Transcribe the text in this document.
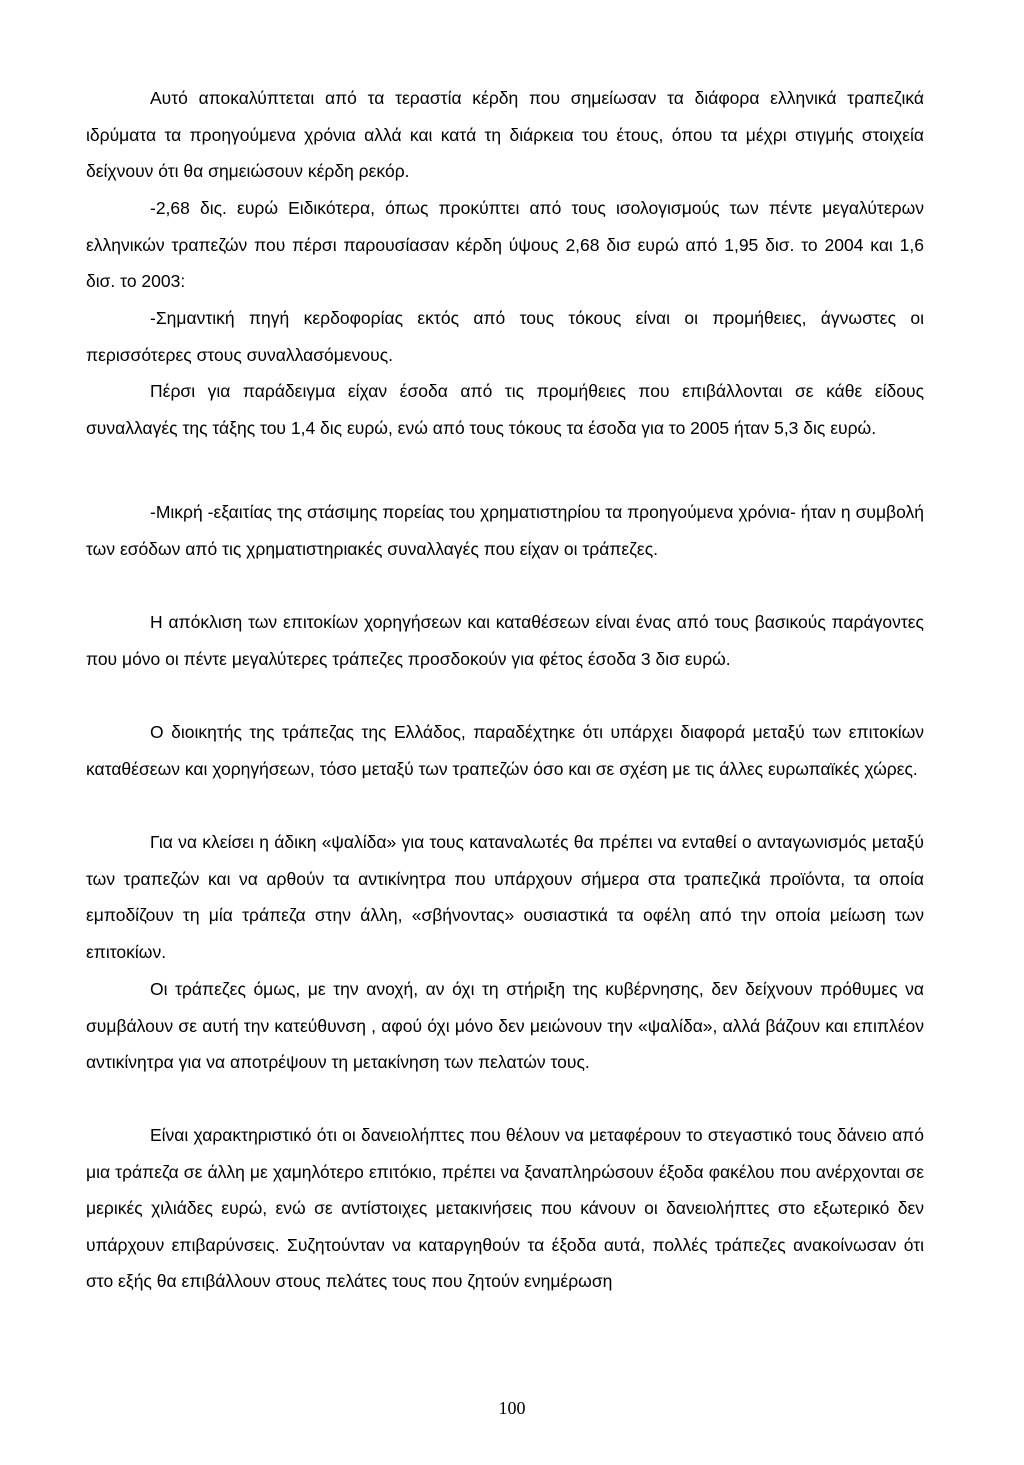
Αυτό αποκαλύπτεται από τα τεραστία κέρδη που σημείωσαν τα διάφορα ελληνικά τραπεζικά ιδρύματα τα προηγούμενα χρόνια αλλά και κατά τη διάρκεια του έτους, όπου τα μέχρι στιγμής στοιχεία δείχνουν ότι θα σημειώσουν κέρδη ρεκόρ.

-2,68 δις. ευρώ Ειδικότερα, όπως προκύπτει από τους ισολογισμούς των πέντε μεγαλύτερων ελληνικών τραπεζών που πέρσι παρουσίασαν κέρδη ύψους 2,68 δισ ευρώ από 1,95 δισ. το 2004 και 1,6 δισ. το 2003:

-Σημαντική πηγή κερδοφορίας εκτός από τους τόκους είναι οι προμήθειες, άγνωστες οι περισσότερες στους συναλλασόμενους.

Πέρσι για παράδειγμα είχαν έσοδα από τις προμήθειες που επιβάλλονται σε κάθε είδους συναλλαγές της τάξης του 1,4 δις ευρώ, ενώ από τους τόκους τα έσοδα για το 2005 ήταν 5,3 δις ευρώ.

-Μικρή -εξαιτίας της στάσιμης πορείας του χρηματιστηρίου τα προηγούμενα χρόνια- ήταν η συμβολή των εσόδων από τις χρηματιστηριακές συναλλαγές που είχαν οι τράπεζες.

Η απόκλιση των επιτοκίων χορηγήσεων και καταθέσεων είναι ένας από τους βασικούς παράγοντες που μόνο οι πέντε μεγαλύτερες τράπεζες προσδοκούν για φέτος έσοδα 3 δισ ευρώ.

Ο διοικητής της τράπεζας της Ελλάδος, παραδέχτηκε ότι υπάρχει διαφορά μεταξύ των επιτοκίων καταθέσεων και χορηγήσεων, τόσο μεταξύ των τραπεζών όσο και σε σχέση με τις άλλες ευρωπαϊκές χώρες.

Για να κλείσει η άδικη «ψαλίδα» για τους καταναλωτές θα πρέπει να ενταθεί ο ανταγωνισμός μεταξύ των τραπεζών και να αρθούν τα αντικίνητρα που υπάρχουν σήμερα στα τραπεζικά προϊόντα, τα οποία εμποδίζουν τη μία τράπεζα στην άλλη, «σβήνοντας» ουσιαστικά τα οφέλη από την οποία μείωση των επιτοκίων.

Οι τράπεζες όμως, με την ανοχή, αν όχι τη στήριξη της κυβέρνησης, δεν δείχνουν πρόθυμες να συμβάλουν σε αυτή την κατεύθυνση , αφού όχι μόνο δεν μειώνουν την «ψαλίδα», αλλά βάζουν και επιπλέον αντικίνητρα για να αποτρέψουν τη μετακίνηση των πελατών τους.

Είναι χαρακτηριστικό ότι οι δανειολήπτες που θέλουν να μεταφέρουν το στεγαστικό τους δάνειο από μια τράπεζα σε άλλη με χαμηλότερο επιτόκιο, πρέπει να ξαναπληρώσουν έξοδα φακέλου που ανέρχονται σε μερικές χιλιάδες ευρώ, ενώ σε αντίστοιχες μετακινήσεις που κάνουν οι δανειολήπτες στο εξωτερικό δεν υπάρχουν επιβαρύνσεις. Συζητούνταν να καταργηθούν τα έξοδα αυτά, πολλές τράπεζες ανακοίνωσαν ότι στο εξής θα επιβάλλουν στους πελάτες τους που ζητούν ενημέρωση

100
